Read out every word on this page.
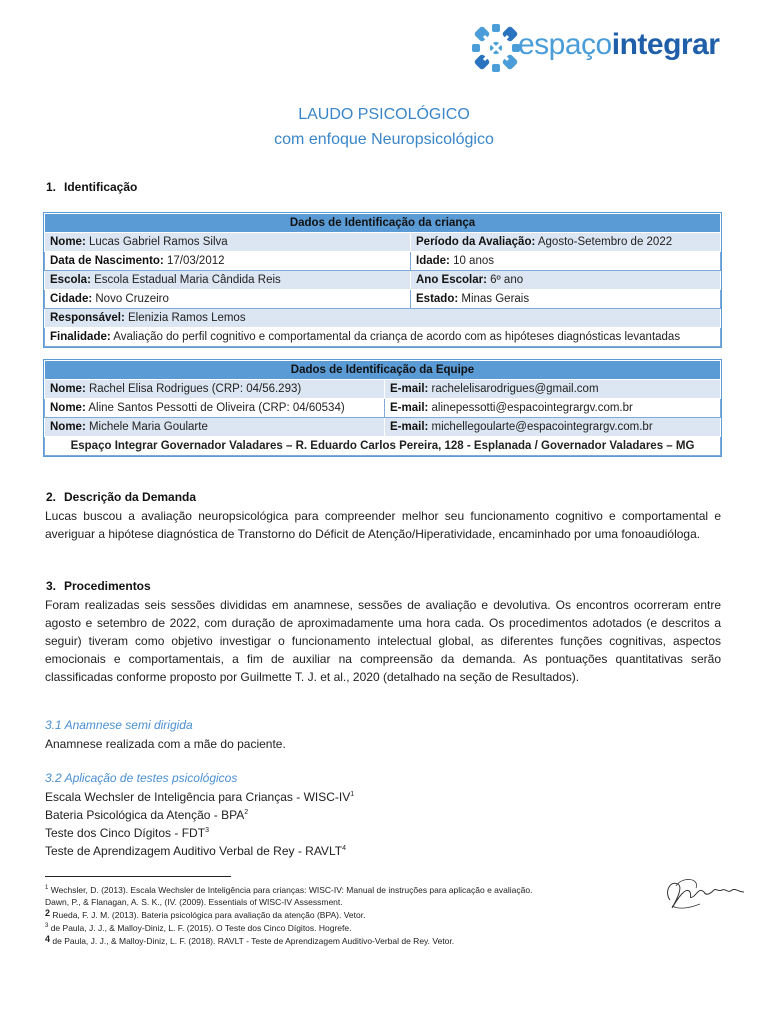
espaçointegrar
LAUDO PSICOLÓGICO
com enfoque Neuropsicológico
1. Identificação
Dados de Identificação da criança	
Nome: Lucas Gabriel Ramos Silva	Período da Avaliação: Agosto-Setembro de 2022
Data de Nascimento: 17/03/2012	Idade: 10 anos
Escola: Escola Estadual Maria Cândida Reis	Ano Escolar: 6º ano
Cidade: Novo Cruzeiro	Estado: Minas Gerais
Responsável: Elenizia Ramos Lemos	
Finalidade: Avaliação do perfil cognitivo e comportamental da criança de acordo com as hipóteses diagnósticas levantadas	
Dados de Identificação da Equipe	
Nome: Rachel Elisa Rodrigues (CRP: 04/56.293)	E-mail: rachelelisarodrigues@gmail.com
Nome: Aline Santos Pessotti de Oliveira (CRP: 04/60534)	E-mail: alinepessotti@espacointegrargv.com.br
Nome: Michele Maria Goularte	E-mail: michellegoularte@espacointegrargv.com.br
Espaço Integrar Governador Valadares – R. Eduardo Carlos Pereira, 128 - Esplanada / Governador Valadares – MG	
2. Descrição da Demanda
Lucas buscou a avaliação neuropsicológica para compreender melhor seu funcionamento cognitivo e comportamental e averiguar a hipótese diagnóstica de Transtorno do Déficit de Atenção/Hiperatividade, encaminhado por uma fonoaudióloga.
3. Procedimentos
Foram realizadas seis sessões divididas em anamnese, sessões de avaliação e devolutiva. Os encontros ocorreram entre agosto e setembro de 2022, com duração de aproximadamente uma hora cada. Os procedimentos adotados (e descritos a seguir) tiveram como objetivo investigar o funcionamento intelectual global, as diferentes funções cognitivas, aspectos emocionais e comportamentais, a fim de auxiliar na compreensão da demanda. As pontuações quantitativas serão classificadas conforme proposto por Guilmette T. J. et al., 2020 (detalhado na seção de Resultados).
3.1 Anamnese semi dirigida
Anamnese realizada com a mãe do paciente.
3.2 Aplicação de testes psicológicos
Escala Wechsler de Inteligência para Crianças - WISC-$IV^1$
Bateria Psicológica da Atenção - BPA$^2$
Teste dos Cinco Dígitos - FDT$^3$
Teste de Aprendizagem Auditivo Verbal de Rey - RAVLT$^4$
$^1$ Wechsler, D. (2013). Escala Wechsler de Inteligência para crianças: WISC-IV: Manual de instruções para aplicação e avaliação.
Dawn, P., & Flanagan, A. S. K., (IV. (2009). Essentials of WISC-IV Assessment.
2 Rueda, F. J. M. (2013). Bateria psicológica para avaliação da atenção (BPA). Vetor.
$^3$ de Paula, J. J., & Malloy-Diniz, L. F. (2015). O Teste dos Cinco Dígitos. Hogrefe.
4 de Paula, J. J., & Malloy-Diniz, L. F. (2018). RAVLT - Teste de Aprendizagem Auditivo-Verbal de Rey. Vetor.
